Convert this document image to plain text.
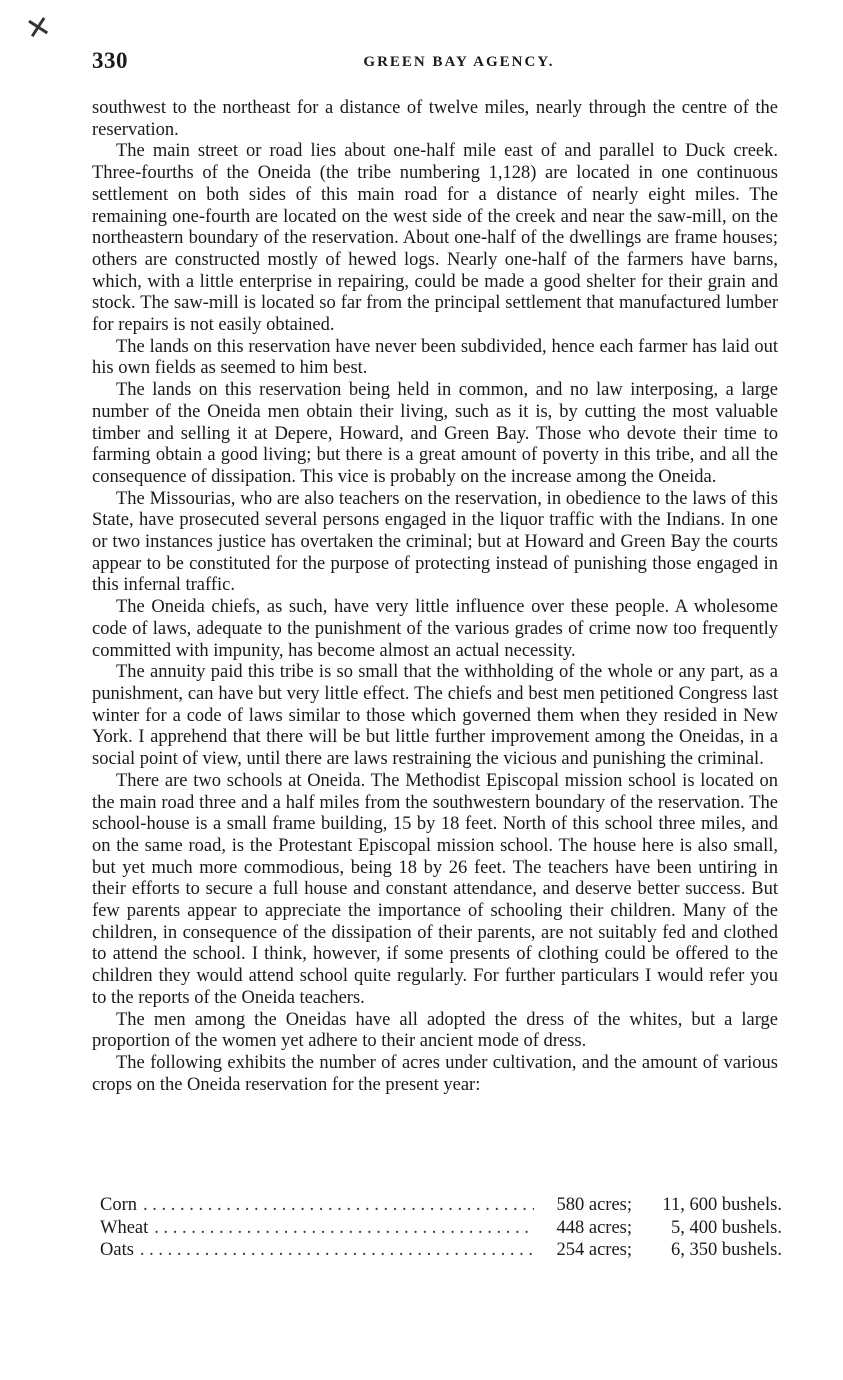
✕
330	GREEN BAY AGENCY.

southwest to the northeast for a distance of twelve miles, nearly through the centre of the reservation.

The main street or road lies about one-half mile east of and parallel to Duck creek. Three-fourths of the Oneida (the tribe numbering 1,128) are located in one continuous settlement on both sides of this main road for a distance of nearly eight miles. The remaining one-fourth are located on the west side of the creek and near the saw-mill, on the northeastern boundary of the reservation. About one-half of the dwellings are frame houses; others are constructed mostly of hewed logs. Nearly one-half of the farmers have barns, which, with a little enterprise in repairing, could be made a good shelter for their grain and stock. The saw-mill is located so far from the principal settlement that manufactured lumber for repairs is not easily obtained.

The lands on this reservation have never been subdivided, hence each farmer has laid out his own fields as seemed to him best.

The lands on this reservation being held in common, and no law interposing, a large number of the Oneida men obtain their living, such as it is, by cutting the most valuable timber and selling it at Depere, Howard, and Green Bay. Those who devote their time to farming obtain a good living; but there is a great amount of poverty in this tribe, and all the consequence of dissipation. This vice is probably on the increase among the Oneida.

The Missourias, who are also teachers on the reservation, in obedience to the laws of this State, have prosecuted several persons engaged in the liquor traffic with the Indians. In one or two instances justice has overtaken the criminal; but at Howard and Green Bay the courts appear to be constituted for the purpose of protecting instead of punishing those engaged in this infernal traffic.

The Oneida chiefs, as such, have very little influence over these people. A wholesome code of laws, adequate to the punishment of the various grades of crime now too frequently committed with impunity, has become almost an actual necessity.

The annuity paid this tribe is so small that the withholding of the whole or any part, as a punishment, can have but very little effect. The chiefs and best men petitioned Congress last winter for a code of laws similar to those which governed them when they resided in New York. I apprehend that there will be but little further improvement among the Oneidas, in a social point of view, until there are laws restraining the vicious and punishing the criminal.

There are two schools at Oneida. The Methodist Episcopal mission school is located on the main road three and a half miles from the southwestern boundary of the reservation. The school-house is a small frame building, 15 by 18 feet. North of this school three miles, and on the same road, is the Protestant Episcopal mission school. The house here is also small, but yet much more commodious, being 18 by 26 feet. The teachers have been untiring in their efforts to secure a full house and constant attendance, and deserve better success. But few parents appear to appreciate the importance of schooling their children. Many of the children, in consequence of the dissipation of their parents, are not suitably fed and clothed to attend the school. I think, however, if some presents of clothing could be offered to the children they would attend school quite regularly. For further particulars I would refer you to the reports of the Oneida teachers.

The men among the Oneidas have all adopted the dress of the whites, but a large proportion of the women yet adhere to their ancient mode of dress.

The following exhibits the number of acres under cultivation, and the amount of various crops on the Oneida reservation for the present year:

Corn . . .	580 acres;	11, 600 bushels.
Wheat . . .	448 acres;	5, 400 bushels.
Oats . . .	254 acres;	6, 350 bushels.
